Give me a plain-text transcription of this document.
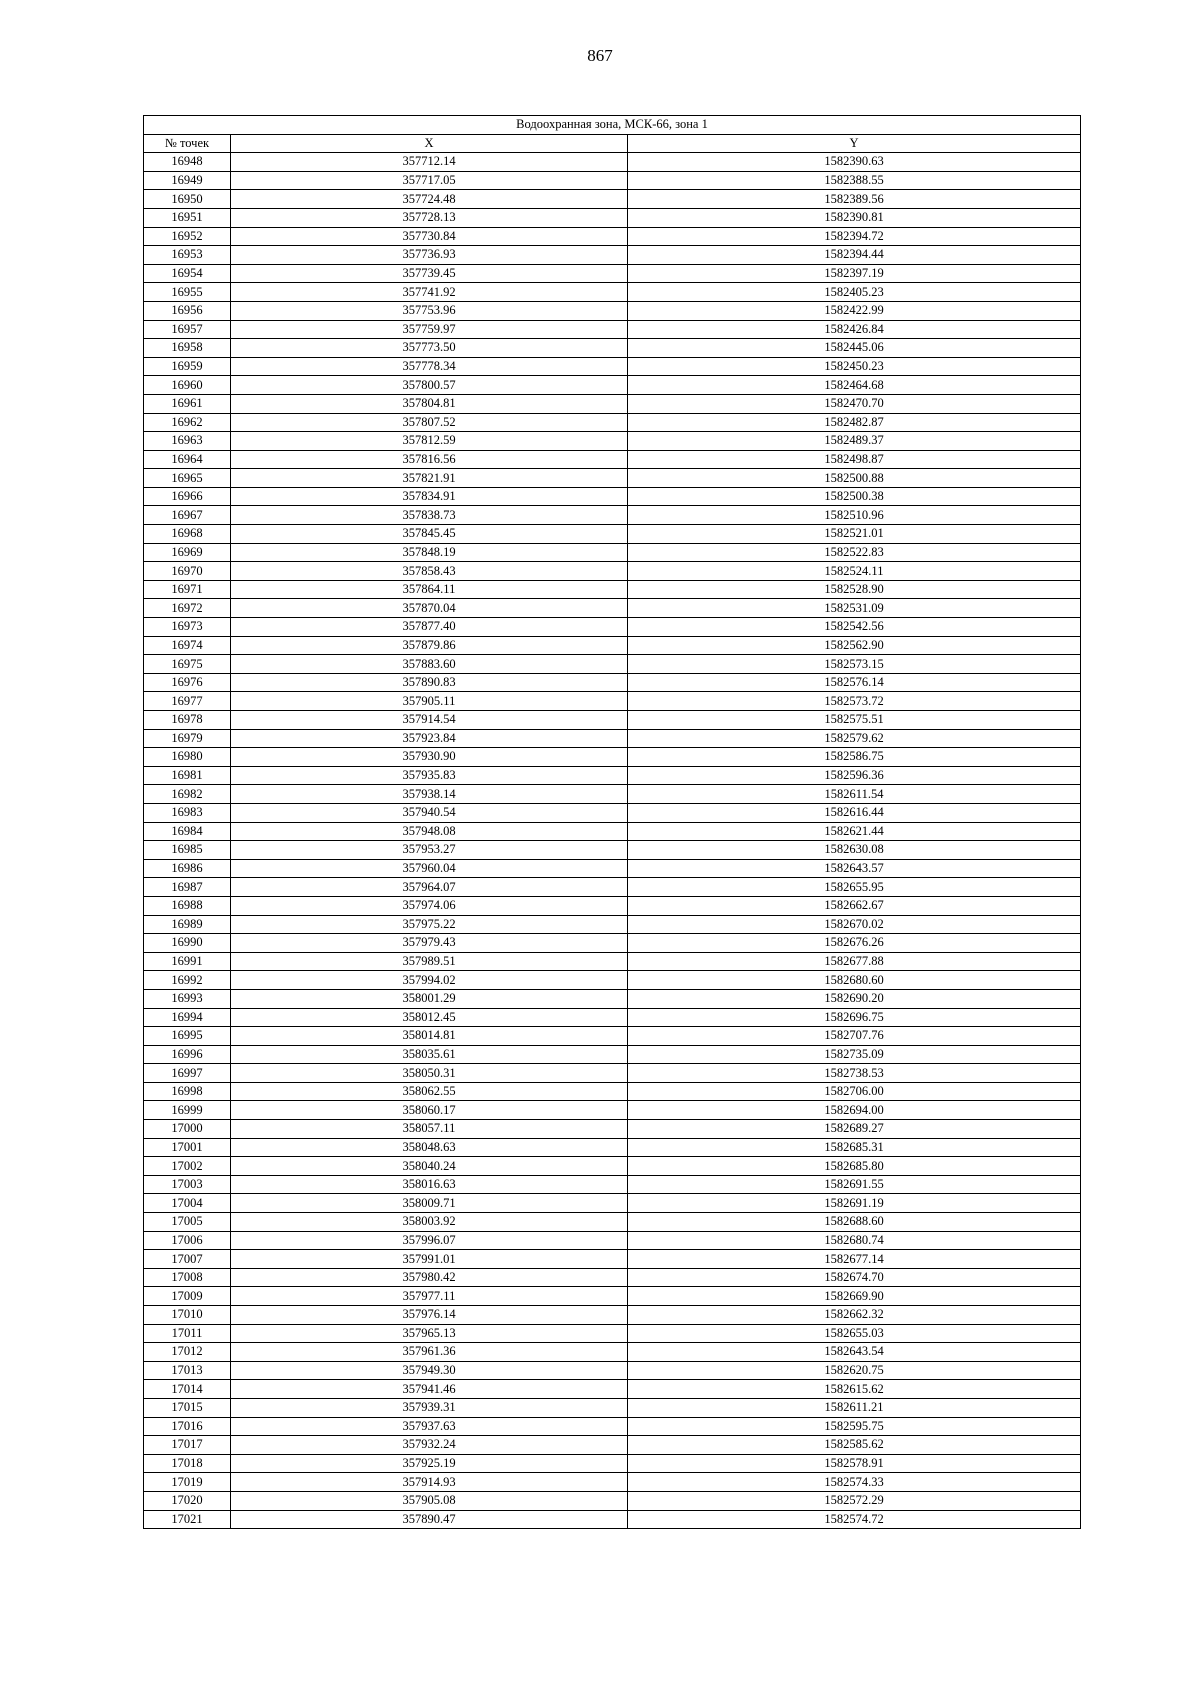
867
Водоохранная зона, МСК-66, зона 1		
№ точек	X	Y
16948	357712.14	1582390.63
16949	357717.05	1582388.55
16950	357724.48	1582389.56
16951	357728.13	1582390.81
16952	357730.84	1582394.72
16953	357736.93	1582394.44
16954	357739.45	1582397.19
16955	357741.92	1582405.23
16956	357753.96	1582422.99
16957	357759.97	1582426.84
16958	357773.50	1582445.06
16959	357778.34	1582450.23
16960	357800.57	1582464.68
16961	357804.81	1582470.70
16962	357807.52	1582482.87
16963	357812.59	1582489.37
16964	357816.56	1582498.87
16965	357821.91	1582500.88
16966	357834.91	1582500.38
16967	357838.73	1582510.96
16968	357845.45	1582521.01
16969	357848.19	1582522.83
16970	357858.43	1582524.11
16971	357864.11	1582528.90
16972	357870.04	1582531.09
16973	357877.40	1582542.56
16974	357879.86	1582562.90
16975	357883.60	1582573.15
16976	357890.83	1582576.14
16977	357905.11	1582573.72
16978	357914.54	1582575.51
16979	357923.84	1582579.62
16980	357930.90	1582586.75
16981	357935.83	1582596.36
16982	357938.14	1582611.54
16983	357940.54	1582616.44
16984	357948.08	1582621.44
16985	357953.27	1582630.08
16986	357960.04	1582643.57
16987	357964.07	1582655.95
16988	357974.06	1582662.67
16989	357975.22	1582670.02
16990	357979.43	1582676.26
16991	357989.51	1582677.88
16992	357994.02	1582680.60
16993	358001.29	1582690.20
16994	358012.45	1582696.75
16995	358014.81	1582707.76
16996	358035.61	1582735.09
16997	358050.31	1582738.53
16998	358062.55	1582706.00
16999	358060.17	1582694.00
17000	358057.11	1582689.27
17001	358048.63	1582685.31
17002	358040.24	1582685.80
17003	358016.63	1582691.55
17004	358009.71	1582691.19
17005	358003.92	1582688.60
17006	357996.07	1582680.74
17007	357991.01	1582677.14
17008	357980.42	1582674.70
17009	357977.11	1582669.90
17010	357976.14	1582662.32
17011	357965.13	1582655.03
17012	357961.36	1582643.54
17013	357949.30	1582620.75
17014	357941.46	1582615.62
17015	357939.31	1582611.21
17016	357937.63	1582595.75
17017	357932.24	1582585.62
17018	357925.19	1582578.91
17019	357914.93	1582574.33
17020	357905.08	1582572.29
17021	357890.47	1582574.72
